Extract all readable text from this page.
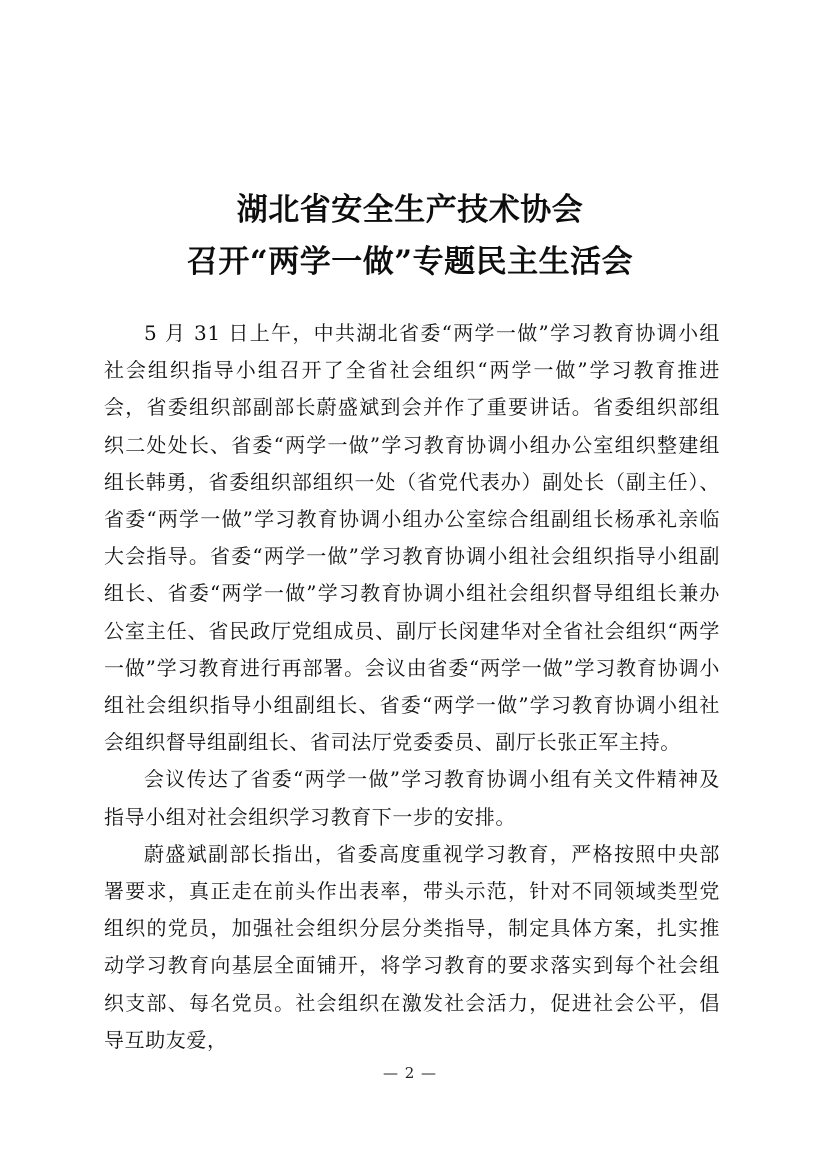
湖北省安全生产技术协会
召开“两学一做”专题民主生活会

5 月 31 日上午，中共湖北省委“两学一做”学习教育协调小组社会组织指导小组召开了全省社会组织“两学一做”学习教育推进会，省委组织部副部长蔚盛斌到会并作了重要讲话。省委组织部组织二处处长、省委“两学一做”学习教育协调小组办公室组织整建组组长韩勇，省委组织部组织一处（省党代表办）副处长（副主任）、省委“两学一做”学习教育协调小组办公室综合组副组长杨承礼亲临大会指导。省委“两学一做”学习教育协调小组社会组织指导小组副组长、省委“两学一做”学习教育协调小组社会组织督导组组长兼办公室主任、省民政厅党组成员、副厅长闵建华对全省社会组织“两学一做”学习教育进行再部署。会议由省委“两学一做”学习教育协调小组社会组织指导小组副组长、省委“两学一做”学习教育协调小组社会组织督导组副组长、省司法厅党委委员、副厅长张正军主持。

会议传达了省委“两学一做”学习教育协调小组有关文件精神及指导小组对社会组织学习教育下一步的安排。

蔚盛斌副部长指出，省委高度重视学习教育，严格按照中央部署要求，真正走在前头作出表率，带头示范，针对不同领域类型党组织的党员，加强社会组织分层分类指导，制定具体方案，扎实推动学习教育向基层全面铺开，将学习教育的要求落实到每个社会组织支部、每名党员。社会组织在激发社会活力，促进社会公平，倡导互助友爱，

— 2 —
